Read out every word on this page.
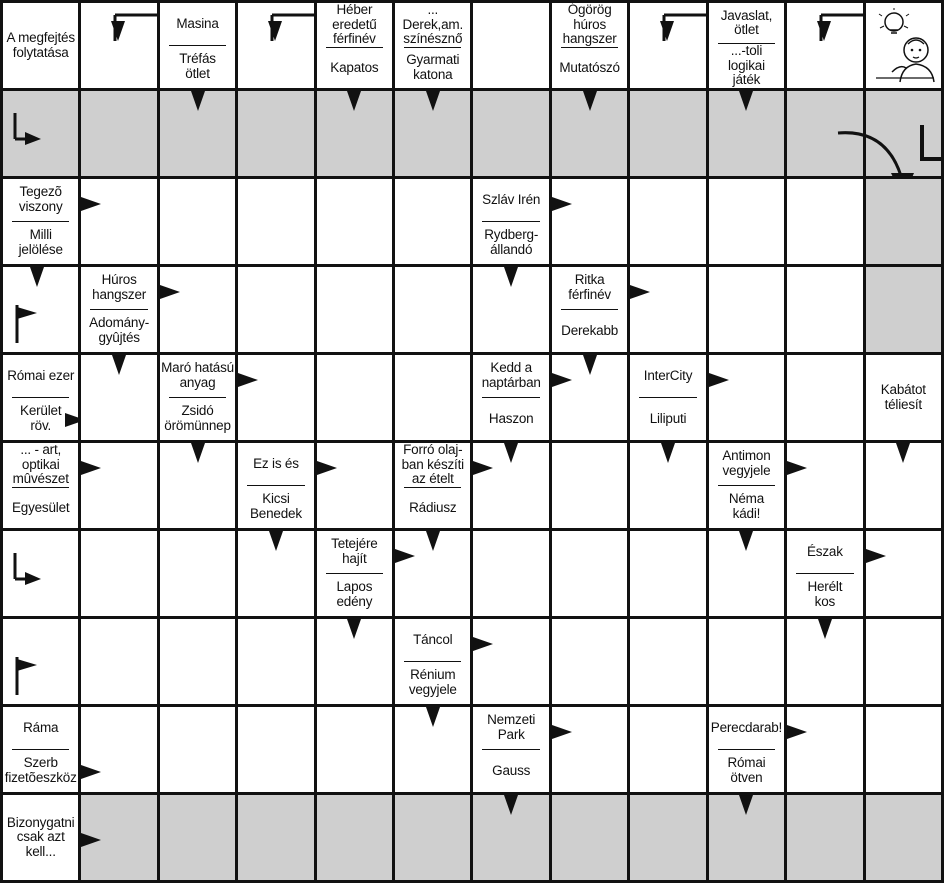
A megfejtés folytatása
Masina
Tréfás ötlet
Héber eredetű férfinév
Kapatos
... Derek,am. színésznő
Gyarmati katona
Ógörög húros hangszer
Mutatószó
Javaslat, ötlet
...-toli logikai játék
Tegezõ viszony
Milli jelölése
Szláv Irén
Rydberg-állandó
Húros hangszer
Adomány-gyûjtés
Ritka férfinév
Derekabb
Római ezer
Kerület röv.
Maró hatású anyag
Zsidó örömünnep
Kedd a naptárban
Haszon
InterCity
Liliputi
Kabátot téliesít
... - art, optikai mûvészet
Egyesület
Ez is és
Kicsi Benedek
Forró olaj-ban készíti az ételt
Rádiusz
Antimon vegyjele
Néma kádi!
Tetejére hajít
Lapos edény
Észak
Herélt kos
Táncol
Rénium vegyjele
Ráma
Szerb fizetõeszköz
Nemzeti Park
Gauss
Perecdarab!
Római ötven
Bizonygatni csak azt kell...
